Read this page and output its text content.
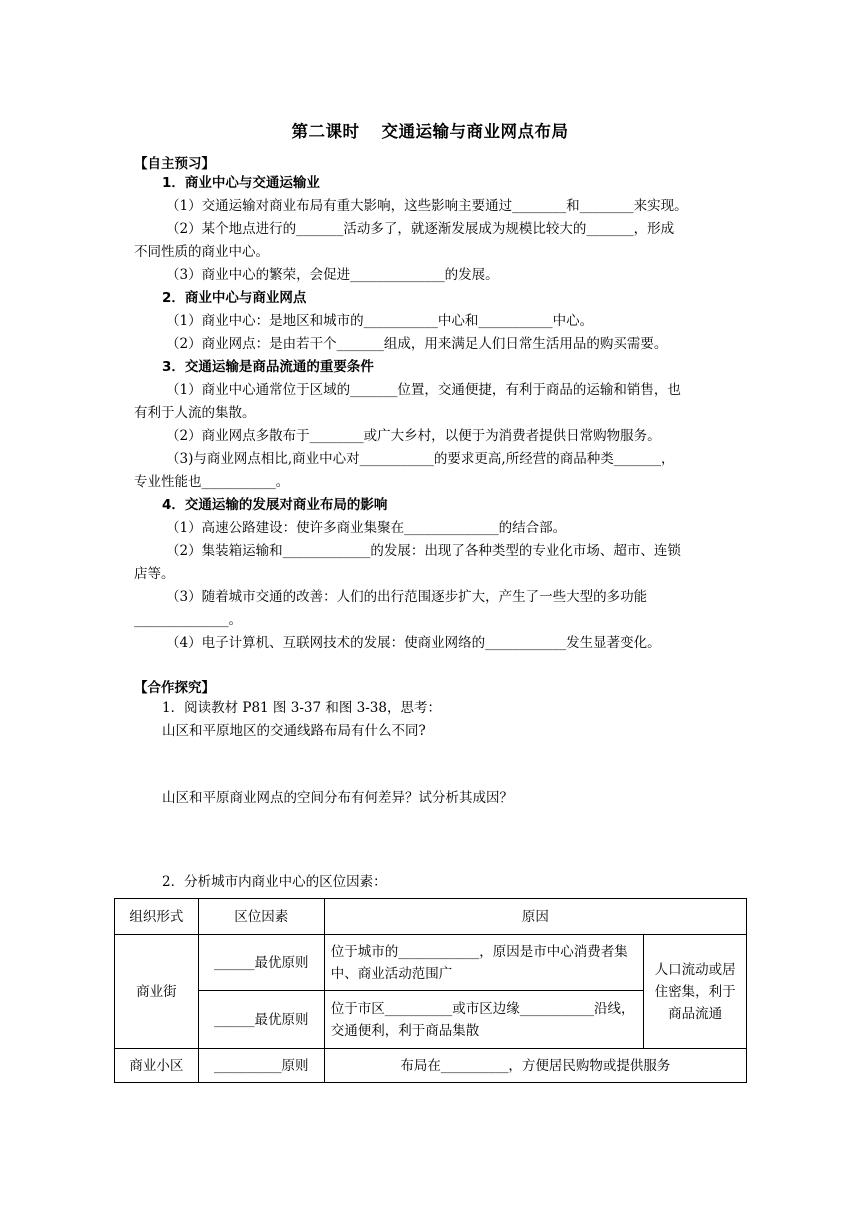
第二课时 交通运输与商业网点布局
【自主预习】
1．商业中心与交通运输业
（1）交通运输对商业布局有重大影响，这些影响主要通过________和________来实现。
（2）某个地点进行的_______活动多了，就逐渐发展成为规模比较大的_______，形成
不同性质的商业中心。
（3）商业中心的繁荣，会促进______________的发展。
2．商业中心与商业网点
（1）商业中心：是地区和城市的___________中心和___________中心。
（2）商业网点：是由若干个_______组成，用来满足人们日常生活用品的购买需要。
3．交通运输是商品流通的重要条件
（1）商业中心通常位于区域的_______位置，交通便捷，有利于商品的运输和销售，也
有利于人流的集散。
（2）商业网点多散布于________或广大乡村，以便于为消费者提供日常购物服务。
（3)与商业网点相比,商业中心对___________的要求更高,所经营的商品种类_______，
专业性能也___________。
4．交通运输的发展对商业布局的影响
（1）高速公路建设：使许多商业集聚在______________的结合部。
（2）集装箱运输和_____________的发展：出现了各种类型的专业化市场、超市、连锁
店等。
（3）随着城市交通的改善：人们的出行范围逐步扩大，产生了一些大型的多功能
______________。
（4）电子计算机、互联网技术的发展：使商业网络的____________发生显著变化。
【合作探究】
1．阅读教材 P81 图 3-37 和图 3-38，思考：
山区和平原地区的交通线路布局有什么不同?
山区和平原商业网点的空间分布有何差异？试分析其成因？
2．分析城市内商业中心的区位因素：
组织形式	区位因素	原因	
商业街	______最优原则	位于城市的____________，原因是市中心消费者集中、商业活动范围广	人口流动或居住密集，利于商品流通
	______最优原则	位于市区__________或市区边缘___________沿线，交通便利，利于商品集散	
商业小区	__________原则	布局在__________，方便居民购物或提供服务	
